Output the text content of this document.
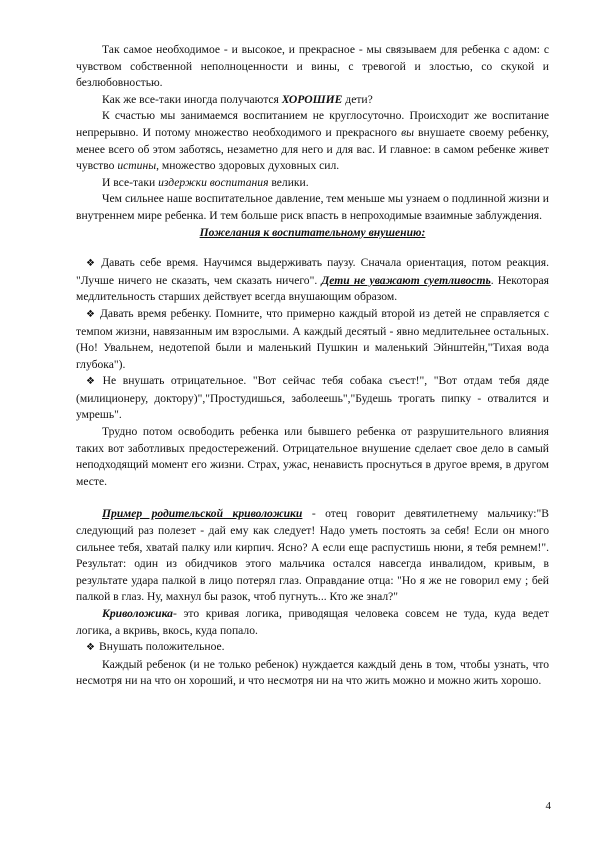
Так самое необходимое - и высокое, и прекрасное - мы связываем для ребенка с адом: с чувством собственной неполноценности и вины, с тревогой и злостью, со скукой и безлюбовностью.

Как же все-таки иногда получаются ХОРОШИЕ дети?

К счастью мы занимаемся воспитанием не круглосуточно. Происходит же воспитание непрерывно. И потому множество необходимого и прекрасного вы внушаете своему ребенку, менее всего об этом заботясь, незаметно для него и для вас. И главное: в самом ребенке живет чувство истины, множество здоровых духовных сил.

И все-таки издержки воспитания велики.

Чем сильнее наше воспитательное давление, тем меньше мы узнаем о подлинной жизни и внутреннем мире ребенка. И тем больше риск впасть в непроходимые взаимные заблуждения.

Пожелания к воспитательному внушению:

❖ Давать себе время. Научимся выдерживать паузу. Сначала ориентация, потом реакция. "Лучше ничего не сказать, чем сказать ничего". Дети не уважают суетливость. Некоторая медлительность старших действует всегда внушающим образом.

❖ Давать время ребенку. Помните, что примерно каждый второй из детей не справляется с темпом жизни, навязанным им взрослыми. А каждый десятый - явно медлительнее остальных. (Но! Увальнем, недотепой были и маленький Пушкин и маленький Эйнштейн,"Тихая вода глубока").

❖ Не внушать отрицательное. "Вот сейчас тебя собака съест!", "Вот отдам тебя дяде (милиционеру, доктору)","Простудишься, заболеешь","Будешь трогать пипку - отвалится и умрешь".

Трудно потом освободить ребенка или бывшего ребенка от разрушительного влияния таких вот заботливых предостережений. Отрицательное внушение сделает свое дело в самый неподходящий момент его жизни. Страх, ужас, ненависть проснуться в другое время, в другом месте.

Пример родительской криволожики - отец говорит девятилетнему мальчику:"В следующий раз полезет - дай ему как следует! Надо уметь постоять за себя! Если он много сильнее тебя, хватай палку или кирпич. Ясно? А если еще распустишь нюни, я тебя ремнем!". Результат: один из обидчиков этого мальчика остался навсегда инвалидом, кривым, в результате удара палкой в лицо потерял глаз. Оправдание отца: "Но я же не говорил ему ; бей палкой в глаз. Ну, махнул бы разок, чтоб пугнуть... Кто же знал?"

Криволожика- это кривая логика, приводящая человека совсем не туда, куда ведет логика, а вкривь, вкось, куда попало.

❖ Внушать положительное.

Каждый ребенок (и не только ребенок) нуждается каждый день в том, чтобы узнать, что несмотря ни на что он хороший, и что несмотря ни на что жить можно и можно жить хорошо.

4
